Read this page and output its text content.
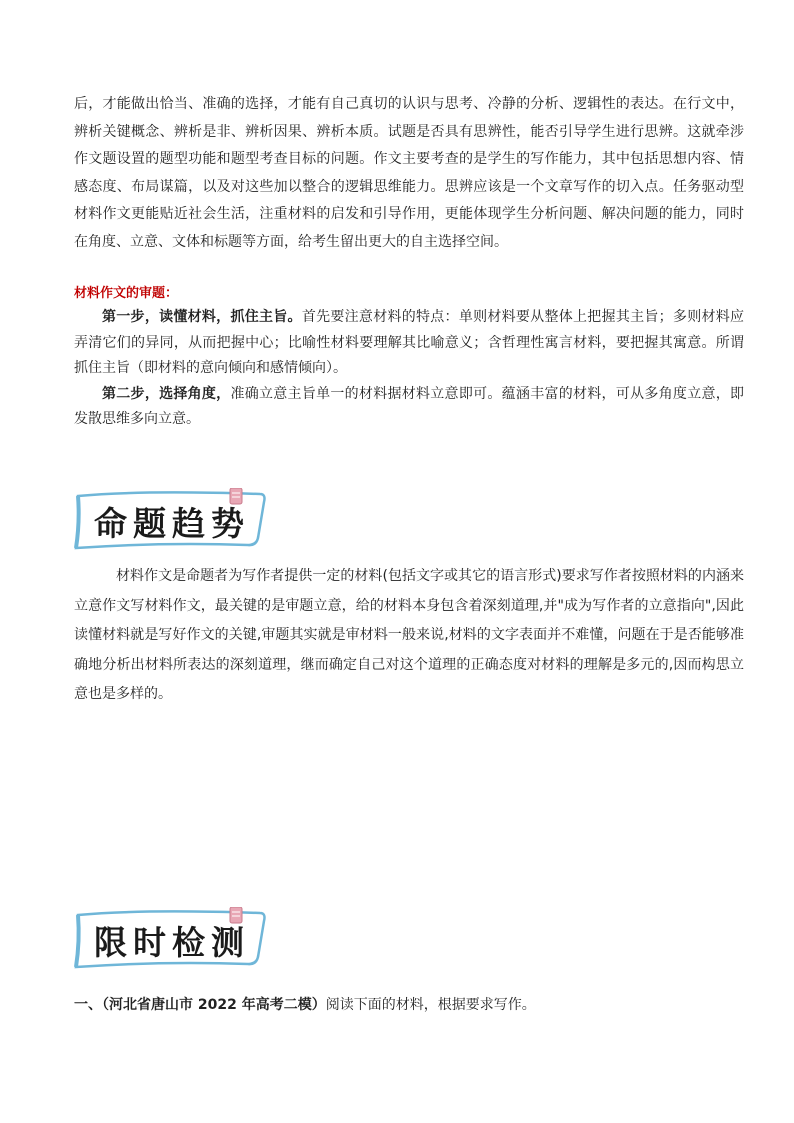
后，才能做出恰当、准确的选择，才能有自己真切的认识与思考、冷静的分析、逻辑性的表达。在行文中，辨析关键概念、辨析是非、辨析因果、辨析本质。试题是否具有思辨性，能否引导学生进行思辨。这就牵涉作文题设置的题型功能和题型考查目标的问题。作文主要考查的是学生的写作能力，其中包括思想内容、情感态度、布局谋篇，以及对这些加以整合的逻辑思维能力。思辨应该是一个文章写作的切入点。任务驱动型材料作文更能贴近社会生活，注重材料的启发和引导作用，更能体现学生分析问题、解决问题的能力，同时在角度、立意、文体和标题等方面，给考生留出更大的自主选择空间。

材料作文的审题：

第一步，读懂材料，抓住主旨。首先要注意材料的特点：单则材料要从整体上把握其主旨；多则材料应弄清它们的异同，从而把握中心；比喻性材料要理解其比喻意义；含哲理性寓言材料，要把握其寓意。所谓抓住主旨（即材料的意向倾向和感情倾向）。
第二步，选择角度，准确立意主旨单一的材料据材料立意即可。蕴涵丰富的材料，可从多角度立意，即发散思维多向立意。
命题趋势

材料作文是命题者为写作者提供一定的材料(包括文字或其它的语言形式)要求写作者按照材料的内涵来立意作文写材料作文，最关键的是审题立意，给的材料本身包含着深刻道理,并"成为写作者的立意指向",因此读懂材料就是写好作文的关键,审题其实就是审材料一般来说,材料的文字表面并不难懂，问题在于是否能够准确地分析出材料所表达的深刻道理，继而确定自己对这个道理的正确态度对材料的理解是多元的,因而构思立意也是多样的。

限时检测

一、（河北省唐山市 2022 年高考二模）阅读下面的材料，根据要求写作。
